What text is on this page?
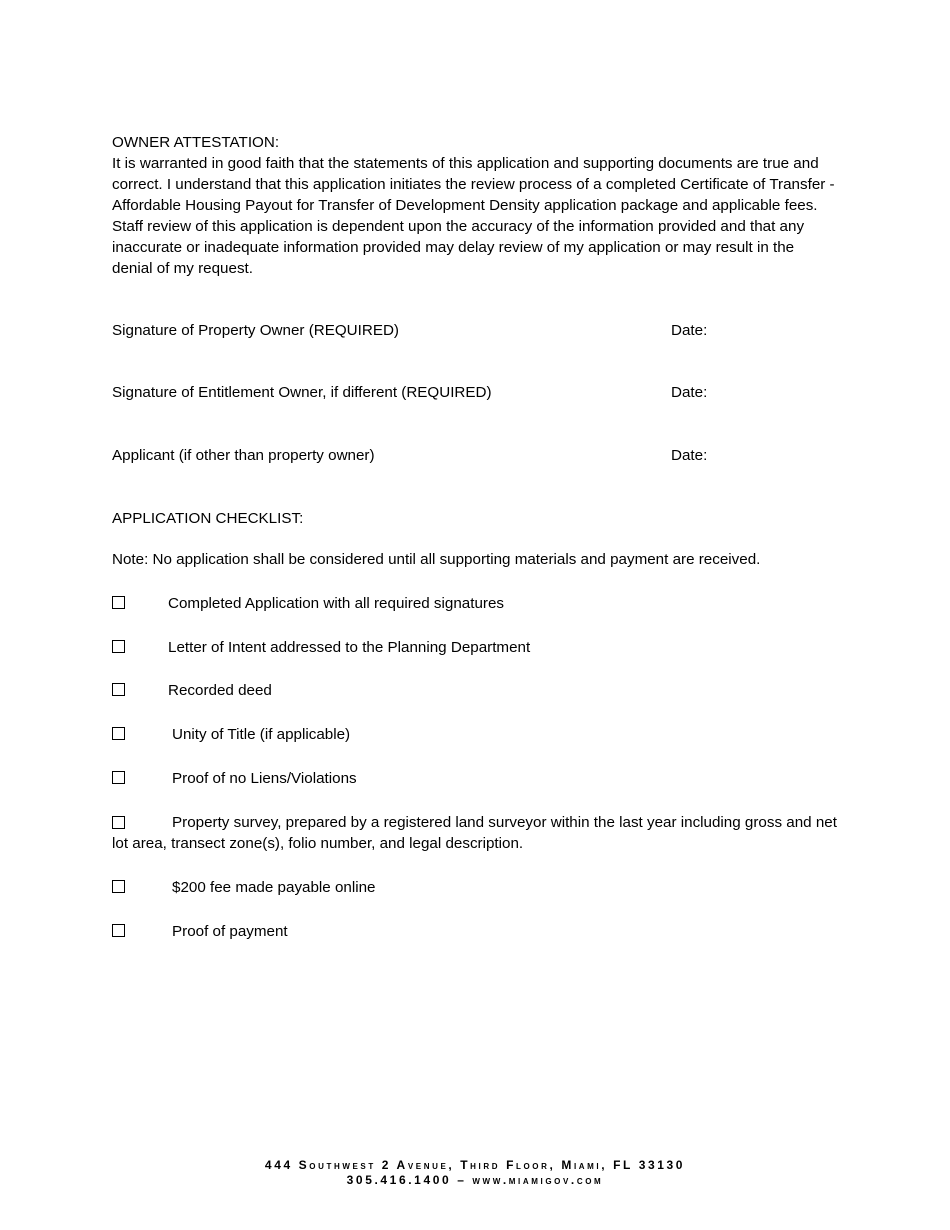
OWNER ATTESTATION:
It is warranted in good faith that the statements of this application and supporting documents are true and correct. I understand that this application initiates the review process of a completed Certificate of Transfer - Affordable Housing Payout for Transfer of Development Density application package and applicable fees. Staff review of this application is dependent upon the accuracy of the information provided and that any inaccurate or inadequate information provided may delay review of my application or may result in the denial of my request.
Signature of Property Owner (REQUIRED)	Date:
Signature of Entitlement Owner, if different (REQUIRED)	Date:
Applicant (if other than property owner)	Date:
APPLICATION CHECKLIST:
Note: No application shall be considered until all supporting materials and payment are received.
Completed Application with all required signatures
Letter of Intent addressed to the Planning Department
Recorded deed
Unity of Title (if applicable)
Proof of no Liens/Violations
Property survey, prepared by a registered land surveyor within the last year including gross and net lot area, transect zone(s), folio number, and legal description.
$200 fee made payable online
Proof of payment
444 Southwest 2 Avenue, Third Floor, Miami, FL 33130
305.416.1400 – www.miamigov.com
